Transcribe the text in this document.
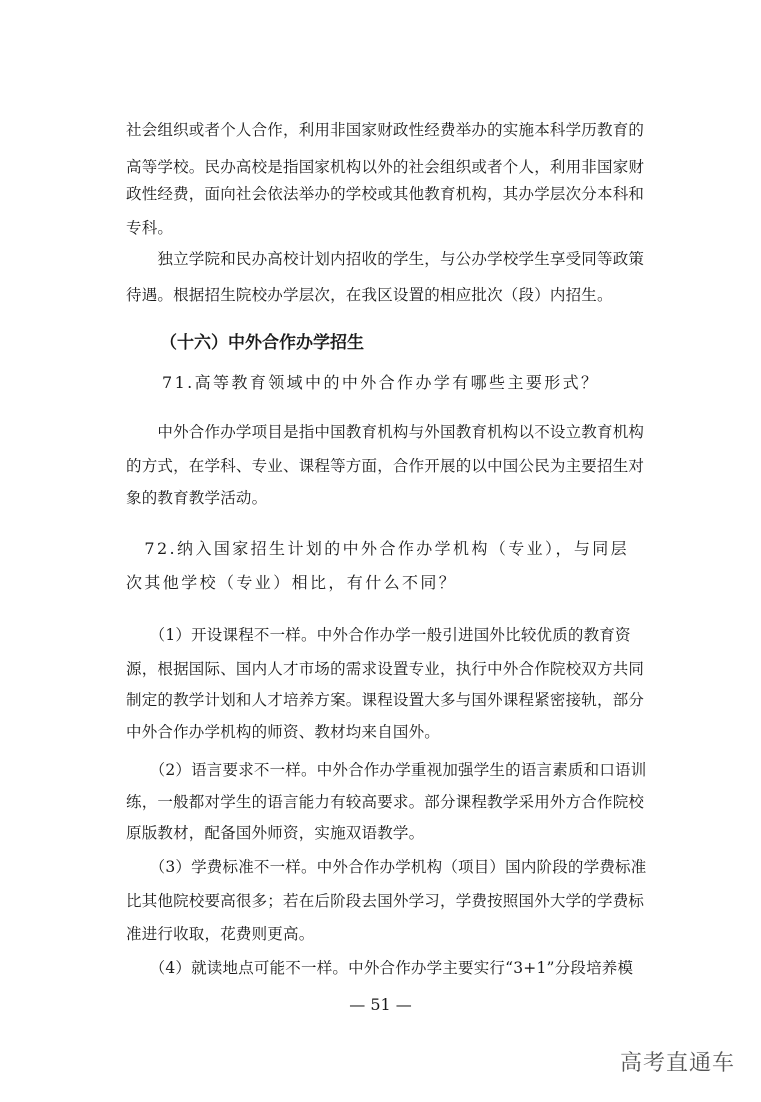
社会组织或者个人合作，利用非国家财政性经费举办的实施本科学历教育的
高等学校。民办高校是指国家机构以外的社会组织或者个人，利用非国家财
政性经费，面向社会依法举办的学校或其他教育机构，其办学层次分本科和
专科。
　　独立学院和民办高校计划内招收的学生，与公办学校学生享受同等政策
待遇。根据招生院校办学层次，在我区设置的相应批次（段）内招生。
（十六）中外合作办学招生
71.高等教育领域中的中外合作办学有哪些主要形式？
　　中外合作办学项目是指中国教育机构与外国教育机构以不设立教育机构
的方式，在学科、专业、课程等方面，合作开展的以中国公民为主要招生对
象的教育教学活动。
　72.纳入国家招生计划的中外合作办学机构（专业），与同层
次其他学校（专业）相比，有什么不同？
　　（1）开设课程不一样。中外合作办学一般引进国外比较优质的教育资
源，根据国际、国内人才市场的需求设置专业，执行中外合作院校双方共同
制定的教学计划和人才培养方案。课程设置大多与国外课程紧密接轨，部分
中外合作办学机构的师资、教材均来自国外。
　　（2）语言要求不一样。中外合作办学重视加强学生的语言素质和口语训
练，一般都对学生的语言能力有较高要求。部分课程教学采用外方合作院校
原版教材，配备国外师资，实施双语教学。
　　（3）学费标准不一样。中外合作办学机构（项目）国内阶段的学费标准
比其他院校要高很多；若在后阶段去国外学习，学费按照国外大学的学费标
准进行收取，花费则更高。
　　（4）就读地点可能不一样。中外合作办学主要实行“3+1”分段培养模
— 51 —
高考直通车
